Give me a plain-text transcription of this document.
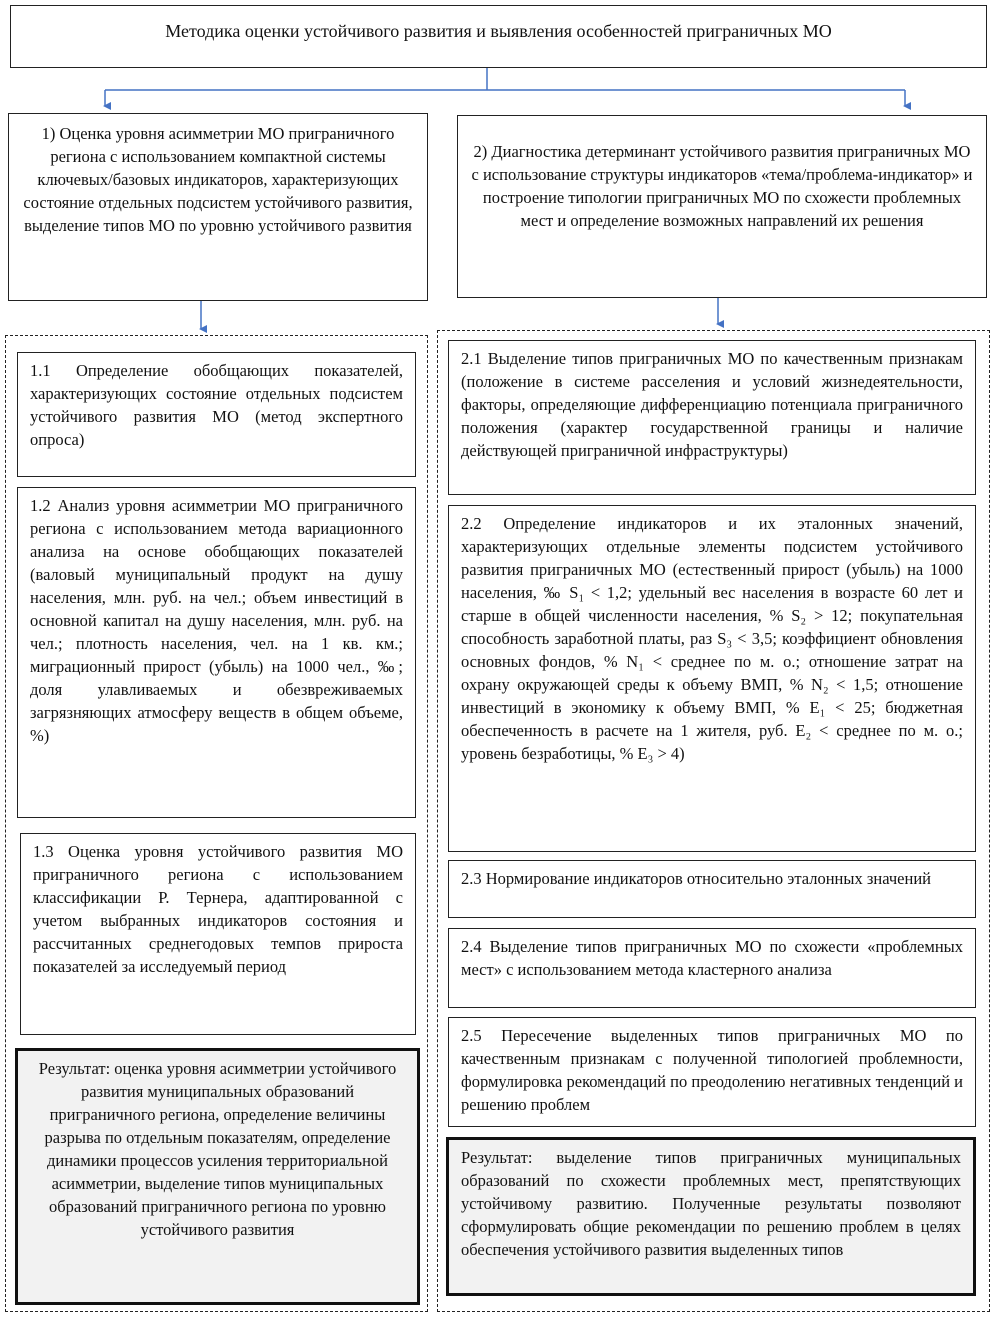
Методика оценки устойчивого развития и выявления особенностей приграничных МО
1) Оценка уровня асимметрии МО приграничного региона с использованием компактной системы ключевых/базовых индикаторов, характеризующих состояние отдельных подсистем устойчивого развития, выделение типов МО по уровню устойчивого развития
2) Диагностика детерминант устойчивого развития приграничных МО с использование структуры индикаторов «тема/проблема-индикатор» и построение типологии приграничных МО по схожести проблемных мест и определение возможных направлений их решения
1.1 Определение обобщающих показателей, характеризующих состояние отдельных подсистем устойчивого развития МО (метод экспертного опроса)
1.2 Анализ уровня асимметрии МО приграничного региона с использованием метода вариационного анализа на основе обобщающих показателей (валовый муниципальный продукт на душу населения, млн. руб. на чел.; объем инвестиций в основной капитал на душу населения, млн. руб. на чел.; плотность населения, чел. на 1 кв. км.; миграционный прирост (убыль) на 1000 чел., ‰; доля улавливаемых и обезвреживаемых загрязняющих атмосферу веществ в общем объеме, %)
1.3 Оценка уровня устойчивого развития МО приграничного региона с использованием классификации Р. Тернера, адаптированной с учетом выбранных индикаторов состояния и рассчитанных среднегодовых темпов прироста показателей за исследуемый период
Результат: оценка уровня асимметрии устойчивого развития муниципальных образований приграничного региона, определение величины разрыва по отдельным показателям, определение динамики процессов усиления территориальной асимметрии, выделение типов муниципальных образований приграничного региона по уровню устойчивого развития
2.1 Выделение типов приграничных МО по качественным признакам (положение в системе расселения и условий жизнедеятельности, факторы, определяющие дифференциацию потенциала приграничного положения (характер государственной границы и наличие действующей приграничной инфраструктуры)
2.2 Определение индикаторов и их эталонных значений, характеризующих отдельные элементы подсистем устойчивого развития приграничных МО (естественный прирост (убыль) на 1000 населения, ‰ S₁ < 1,2; удельный вес населения в возрасте 60 лет и старше в общей численности населения, % S₂ > 12; покупательная способность заработной платы, раз S₃ < 3,5; коэффициент обновления основных фондов, % N₁ < среднее по м. о.; отношение затрат на охрану окружающей среды к объему ВМП, % N₂ < 1,5; отношение инвестиций в экономику к объему ВМП, % E₁ < 25; бюджетная обеспеченность в расчете на 1 жителя, руб. E₂ < среднее по м. о.; уровень безработицы, % E₃ > 4)
2.3 Нормирование индикаторов относительно эталонных значений
2.4 Выделение типов приграничных МО по схожести «проблемных мест» с использованием метода кластерного анализа
2.5 Пересечение выделенных типов приграничных МО по качественным признакам с полученной типологией проблемности, формулировка рекомендаций по преодолению негативных тенденций и решению проблем
Результат: выделение типов приграничных муниципальных образований по схожести проблемных мест, препятствующих устойчивому развитию. Полученные результаты позволяют сформулировать общие рекомендации по решению проблем в целях обеспечения устойчивого развития выделенных типов
